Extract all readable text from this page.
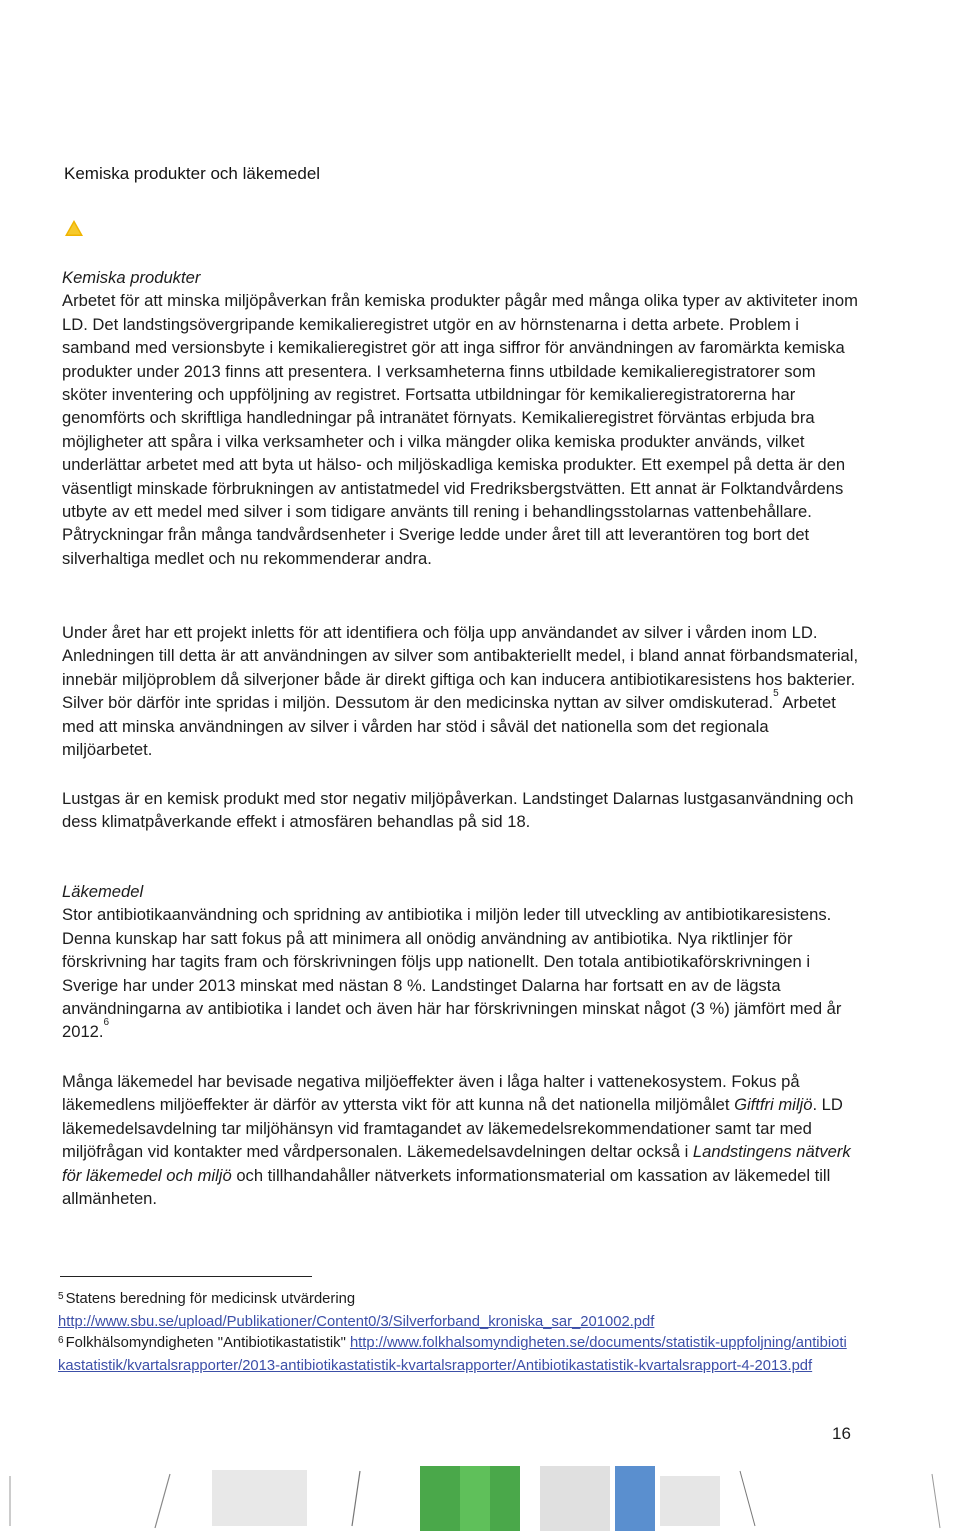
Kemiska produkter och läkemedel

Kemiska produkter

Arbetet för att minska miljöpåverkan från kemiska produkter pågår med många olika typer av aktiviteter inom LD. Det landstingsövergripande kemikalieregistret utgör en av hörnstenarna i detta arbete. Problem i samband med versionsbyte i kemikalieregistret gör att inga siffror för användningen av faromärkta kemiska produkter under 2013 finns att presentera. I verksamheterna finns utbildade kemikalieregistratorer som sköter inventering och uppföljning av registret. Fortsatta utbildningar för kemikalieregistratorerna har genomförts och skriftliga handledningar på intranätet förnyats. Kemikalieregistret förväntas erbjuda bra möjligheter att spåra i vilka verksamheter och i vilka mängder olika kemiska produkter används, vilket underlättar arbetet med att byta ut hälso- och miljöskadliga kemiska produkter. Ett exempel på detta är den väsentligt minskade förbrukningen av antistatmedel vid Fredriksbergstvätten. Ett annat är Folktandvårdens utbyte av ett medel med silver i som tidigare använts till rening i behandlingsstolarnas vattenbehållare. Påtryckningar från många tandvårdsenheter i Sverige ledde under året till att leverantören tog bort det silverhaltiga medlet och nu rekommenderar andra.

Under året har ett projekt inletts för att identifiera och följa upp användandet av silver i vården inom LD. Anledningen till detta är att användningen av silver som antibakteriellt medel, i bland annat förbandsmaterial, innebär miljöproblem då silverjoner både är direkt giftiga och kan inducera antibiotikaresistens hos bakterier. Silver bör därför inte spridas i miljön. Dessutom är den medicinska nyttan av silver omdiskuterad.$^5$ Arbetet med att minska användningen av silver i vården har stöd i såväl det nationella som det regionala miljöarbetet.

Lustgas är en kemisk produkt med stor negativ miljöpåverkan. Landstinget Dalarnas lustgasanvändning och dess klimatpåverkande effekt i atmosfären behandlas på sid 18.

Läkemedel

Stor antibiotikaanvändning och spridning av antibiotika i miljön leder till utveckling av antibiotikaresistens. Denna kunskap har satt fokus på att minimera all onödig användning av antibiotika. Nya riktlinjer för förskrivning har tagits fram och förskrivningen följs upp nationellt. Den totala antibiotikaförskrivningen i Sverige har under 2013 minskat med nästan 8 %. Landstinget Dalarna har fortsatt en av de lägsta användningarna av antibiotika i landet och även här har förskrivningen minskat något (3 %) jämfört med år 2012.$^6$

Många läkemedel har bevisade negativa miljöeffekter även i låga halter i vattenekosystem. Fokus på läkemedlens miljöeffekter är därför av yttersta vikt för att kunna nå det nationella miljömålet Giftfri miljö. LD läkemedelsavdelning tar miljöhänsyn vid framtagandet av läkemedelsrekommendationer samt tar med miljöfrågan vid kontakter med vårdpersonalen. Läkemedelsavdelningen deltar också i Landstingens nätverk för läkemedel och miljö och tillhandahåller nätverkets informationsmaterial om kassation av läkemedel till allmänheten.

$^5$ Statens beredning för medicinsk utvärdering
http://www.sbu.se/upload/Publikationer/Content0/3/Silverforband_kroniska_sar_201002.pdf

$^6$ Folkhälsomyndigheten "Antibiotikastatistik" http://www.folkhalsomyndigheten.se/documents/statistik-uppfoljning/antibiotikastatistik/kvartalsrapporter/2013-antibiotikastatistik-kvartalsrapporter/Antibiotikastatistik-kvartalsrapport-4-2013.pdf

16
